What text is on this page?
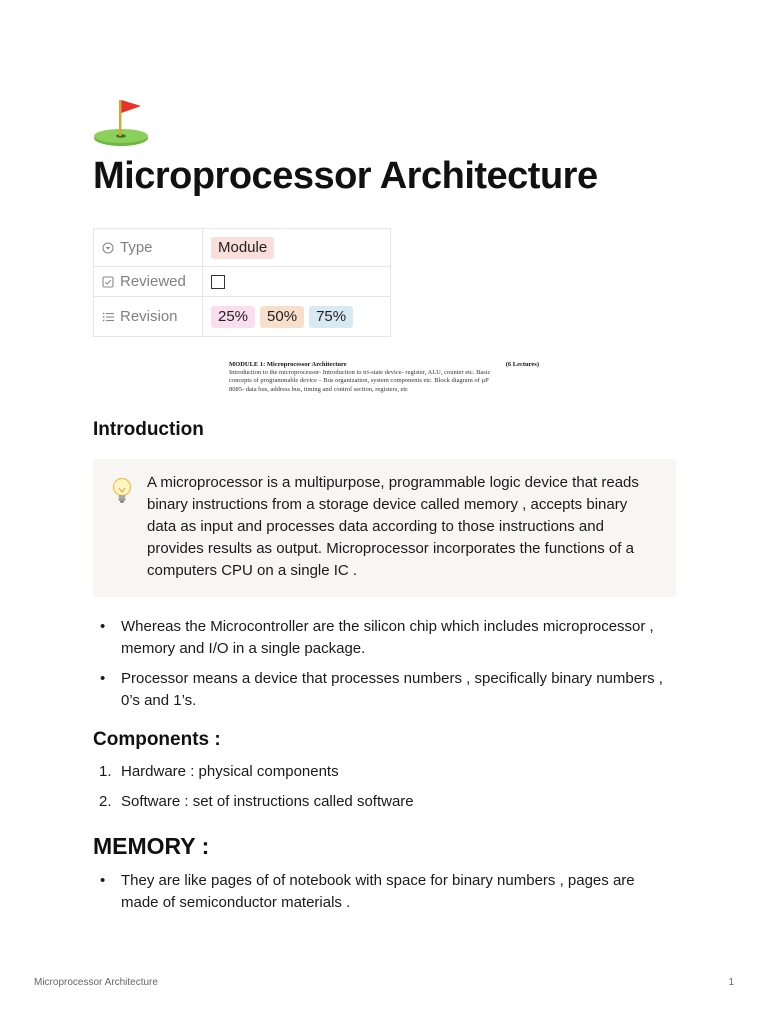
Microprocessor Architecture
Type	Module

Reviewed	

Revision	25% 50% 75%
MODULE 1: Microprocessor Architecture	(6 Lectures)
Introduction to the microprocessor- Introduction to tri-state device- register, ALU, counter etc. Basic
concepts of programmable device – Bus organization, system components etc. Block diagram of µP
8085- data bus, address bus, timing and control section, registers, etc
Introduction
A microprocessor is a multipurpose, programmable logic device that reads binary instructions from a storage device called memory , accepts binary data as input and processes data according to those instructions and provides results as output. Microprocessor incorporates the functions of a computers CPU on a single IC .
• Whereas the Microcontroller are the silicon chip which includes microprocessor , memory and I/O in a single package.
• Processor means a device that processes numbers , specifically binary numbers , 0’s and 1’s.
Components :
1. Hardware : physical components
2. Software : set of instructions called software
MEMORY :
• They are like pages of of notebook with space for binary numbers , pages are made of semiconductor materials .
Microprocessor Architecture	1
